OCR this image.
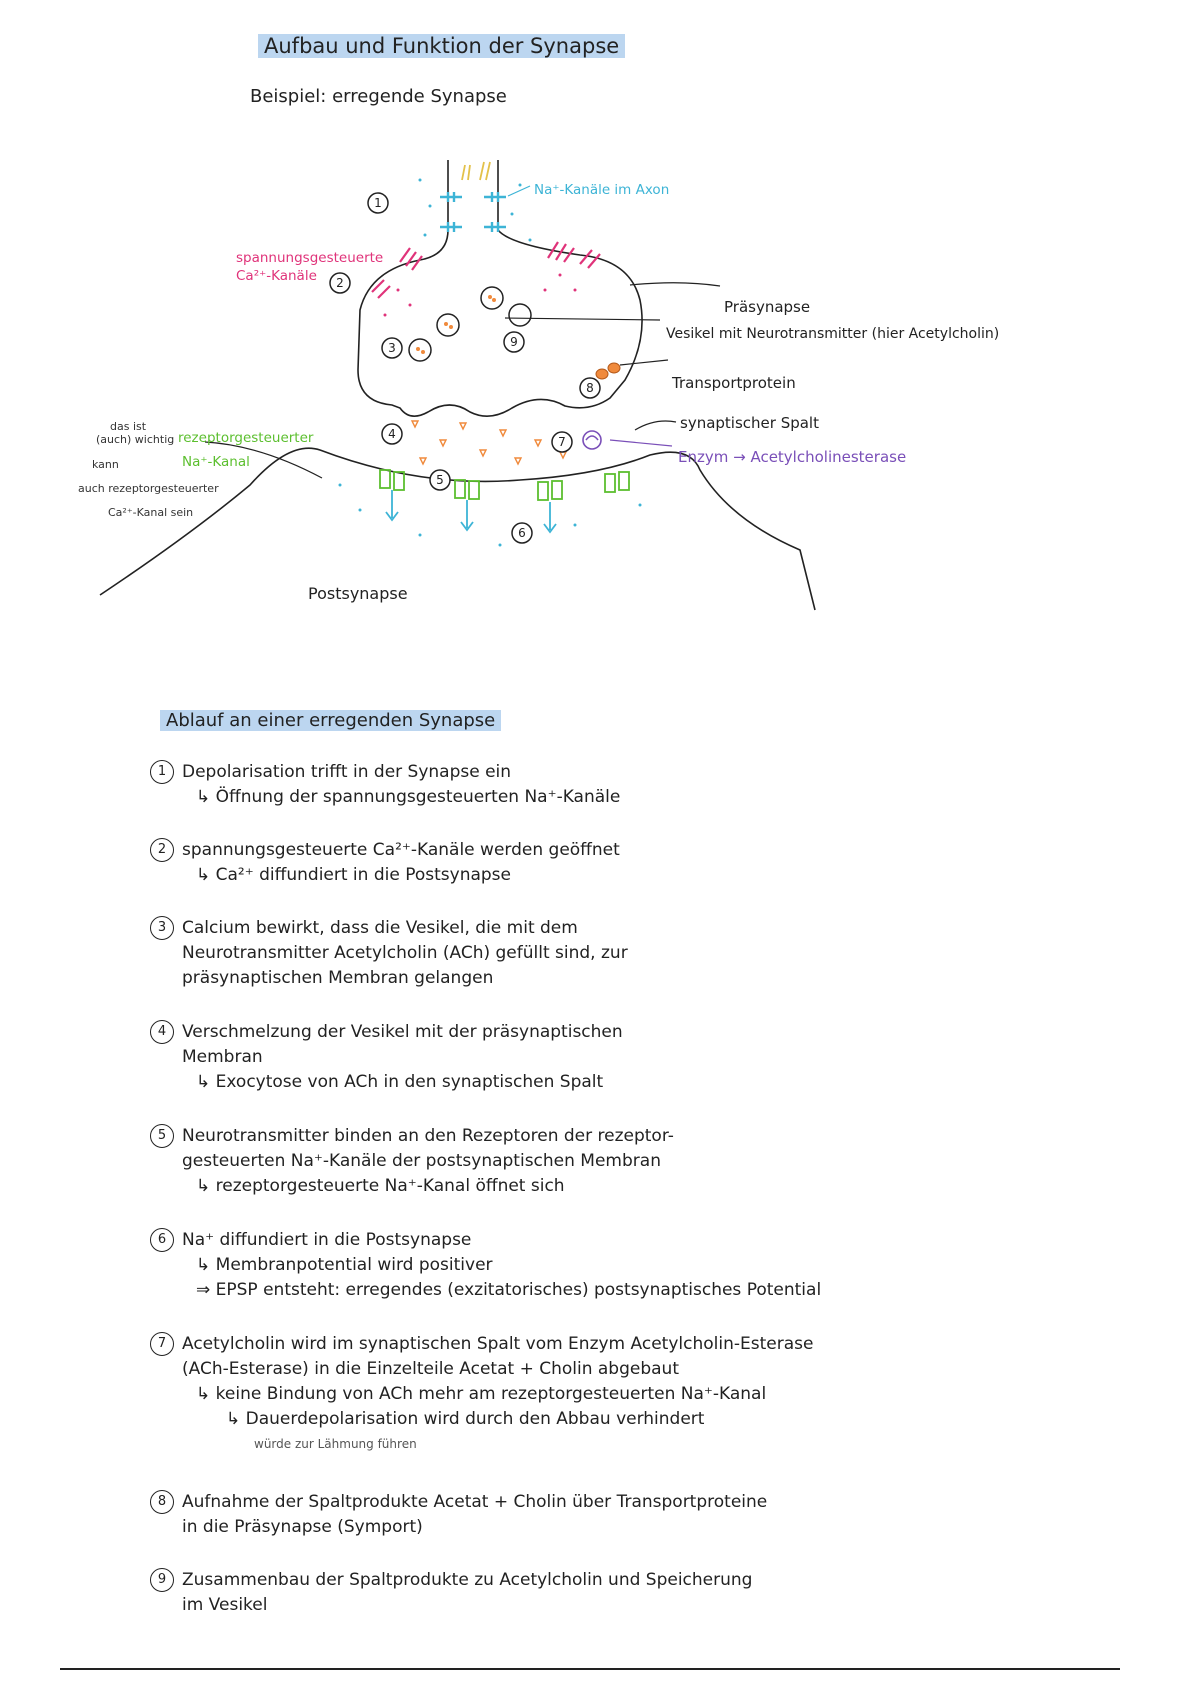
Aufbau und Funktion der Synapse
Beispiel: erregende Synapse
1
2
3
4
5
6
7
8
9
Na⁺-Kanäle im Axon
spannungsgesteuerte
Ca²⁺-Kanäle
Präsynapse
Vesikel mit Neurotransmitter (hier Acetylcholin)
Transportprotein
synaptischer Spalt
Enzym → Acetylcholinesterase
rezeptorgesteuerter
Na⁺-Kanal
das ist
(auch) wichtig
kann
auch rezeptorgesteuerter
Ca²⁺-Kanal sein
Postsynapse
Ablauf an einer erregenden Synapse
1 Depolarisation trifft in der Synapse ein
↳ Öffnung der spannungsgesteuerten Na⁺-Kanäle
2 spannungsgesteuerte Ca²⁺-Kanäle werden geöffnet
↳ Ca²⁺ diffundiert in die Postsynapse
3 Calcium bewirkt, dass die Vesikel, die mit dem
Neurotransmitter Acetylcholin (ACh) gefüllt sind, zur
präsynaptischen Membran gelangen
4 Verschmelzung der Vesikel mit der präsynaptischen
Membran
↳ Exocytose von ACh in den synaptischen Spalt
5 Neurotransmitter binden an den Rezeptoren der rezeptor-
gesteuerten Na⁺-Kanäle der postsynaptischen Membran
↳ rezeptorgesteuerte Na⁺-Kanal öffnet sich
6 Na⁺ diffundiert in die Postsynapse
↳ Membranpotential wird positiver
⇒ EPSP entsteht: erregendes (exzitatorisches) postsynaptisches Potential
7 Acetylcholin wird im synaptischen Spalt vom Enzym Acetylcholin-Esterase
(ACh-Esterase) in die Einzelteile Acetat + Cholin abgebaut
↳ keine Bindung von ACh mehr am rezeptorgesteuerten Na⁺-Kanal
↳ Dauerdepolarisation wird durch den Abbau verhindert
würde zur Lähmung führen
8 Aufnahme der Spaltprodukte Acetat + Cholin über Transportproteine
in die Präsynapse (Symport)
9 Zusammenbau der Spaltprodukte zu Acetylcholin und Speicherung
im Vesikel
